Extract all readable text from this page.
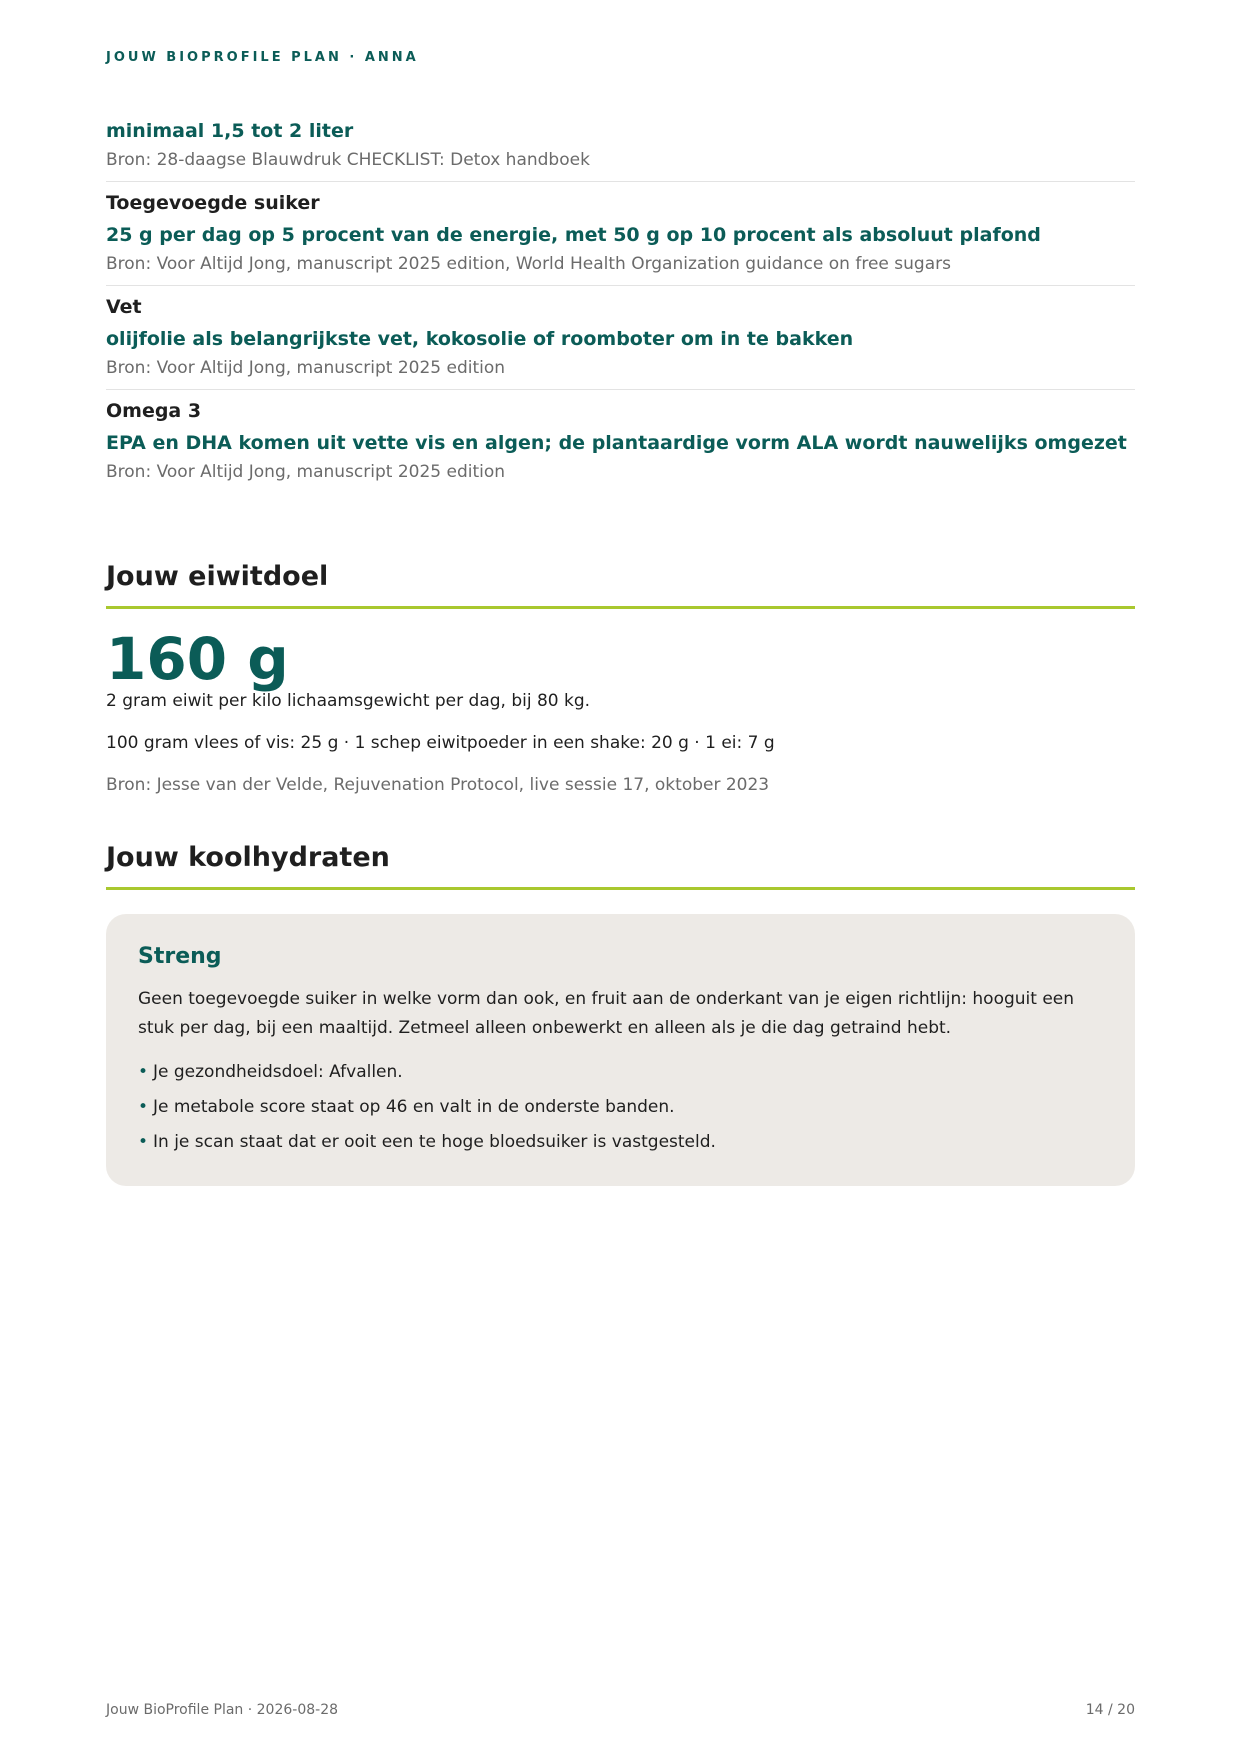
JOUW BIOPROFILE PLAN · ANNA
minimaal 1,5 tot 2 liter
Bron: 28-daagse Blauwdruk CHECKLIST: Detox handboek
Toegevoegde suiker
25 g per dag op 5 procent van de energie, met 50 g op 10 procent als absoluut plafond
Bron: Voor Altijd Jong, manuscript 2025 edition, World Health Organization guidance on free sugars
Vet
olijfolie als belangrijkste vet, kokosolie of roomboter om in te bakken
Bron: Voor Altijd Jong, manuscript 2025 edition
Omega 3
EPA en DHA komen uit vette vis en algen; de plantaardige vorm ALA wordt nauwelijks omgezet
Bron: Voor Altijd Jong, manuscript 2025 edition
Jouw eiwitdoel
160 g
2 gram eiwit per kilo lichaamsgewicht per dag, bij 80 kg.
100 gram vlees of vis: 25 g · 1 schep eiwitpoeder in een shake: 20 g · 1 ei: 7 g
Bron: Jesse van der Velde, Rejuvenation Protocol, live sessie 17, oktober 2023
Jouw koolhydraten
Streng
Geen toegevoegde suiker in welke vorm dan ook, en fruit aan de onderkant van je eigen richtlijn: hooguit een stuk per dag, bij een maaltijd. Zetmeel alleen onbewerkt en alleen als je die dag getraind hebt.
• Je gezondheidsdoel: Afvallen.
• Je metabole score staat op 46 en valt in de onderste banden.
• In je scan staat dat er ooit een te hoge bloedsuiker is vastgesteld.
Jouw BioProfile Plan · 2026-08-28	14 / 20
